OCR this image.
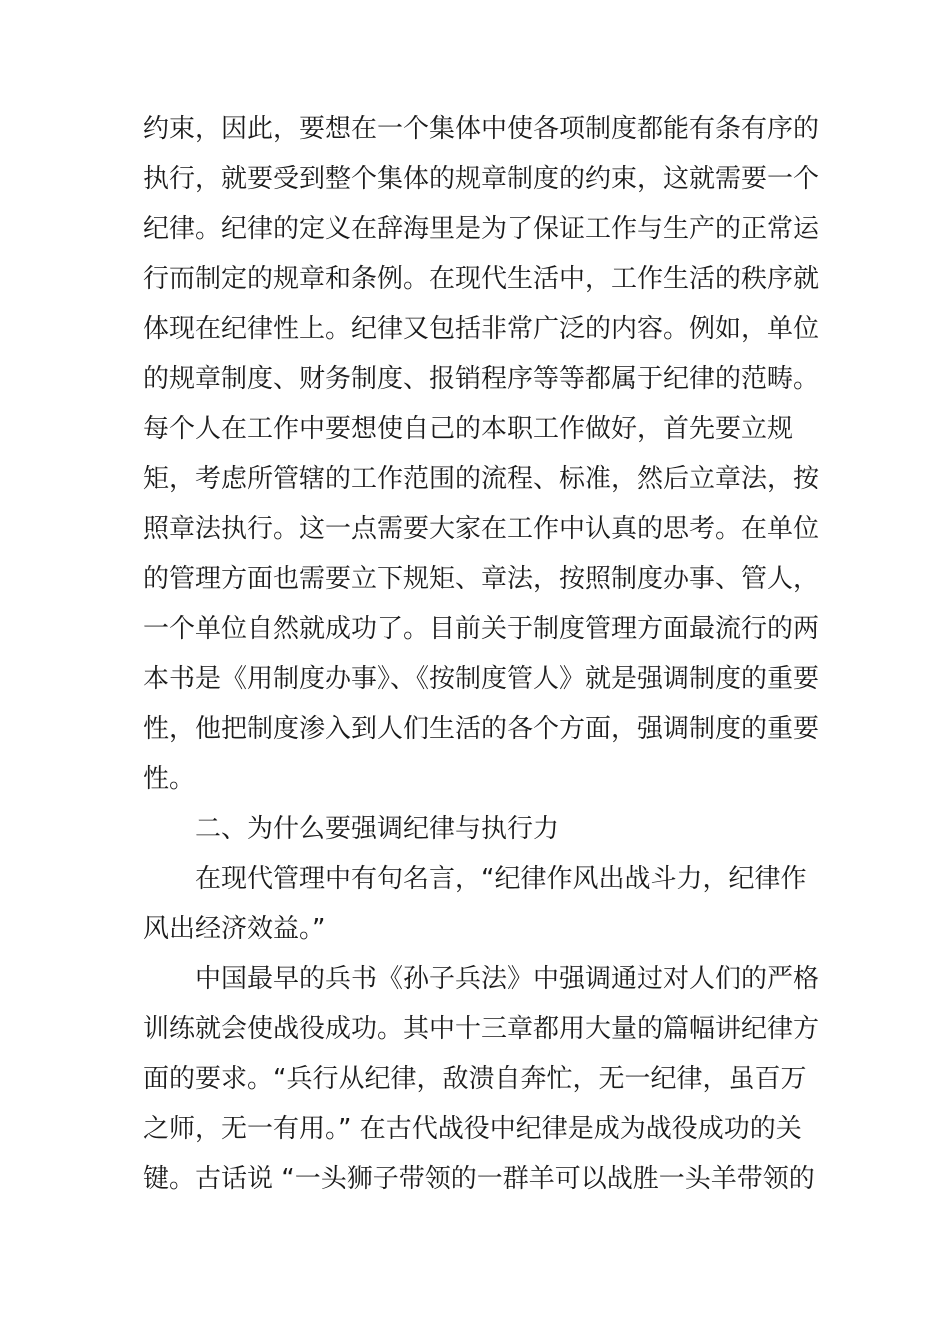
约束，因此，要想在一个集体中使各项制度都能有条有序的
执行，就要受到整个集体的规章制度的约束，这就需要一个
纪律。纪律的定义在辞海里是为了保证工作与生产的正常运
行而制定的规章和条例。在现代生活中，工作生活的秩序就
体现在纪律性上。纪律又包括非常广泛的内容。例如，单位
的规章制度、财务制度、报销程序等等都属于纪律的范畴。
每个人在工作中要想使自己的本职工作做好，首先要立规
矩，考虑所管辖的工作范围的流程、标准，然后立章法，按
照章法执行。这一点需要大家在工作中认真的思考。在单位
的管理方面也需要立下规矩、章法，按照制度办事、管人，
一个单位自然就成功了。目前关于制度管理方面最流行的两
本书是《用制度办事》、《按制度管人》就是强调制度的重要
性，他把制度渗入到人们生活的各个方面，强调制度的重要
性。
二、为什么要强调纪律与执行力
在现代管理中有句名言，“纪律作风出战斗力，纪律作
风出经济效益。”
中国最早的兵书《孙子兵法》中强调通过对人们的严格
训练就会使战役成功。其中十三章都用大量的篇幅讲纪律方
面的要求。“兵行从纪律，敌溃自奔忙，无一纪律，虽百万
之师，无一有用。” 在古代战役中纪律是成为战役成功的关
键。古话说 “一头狮子带领的一群羊可以战胜一头羊带领的
